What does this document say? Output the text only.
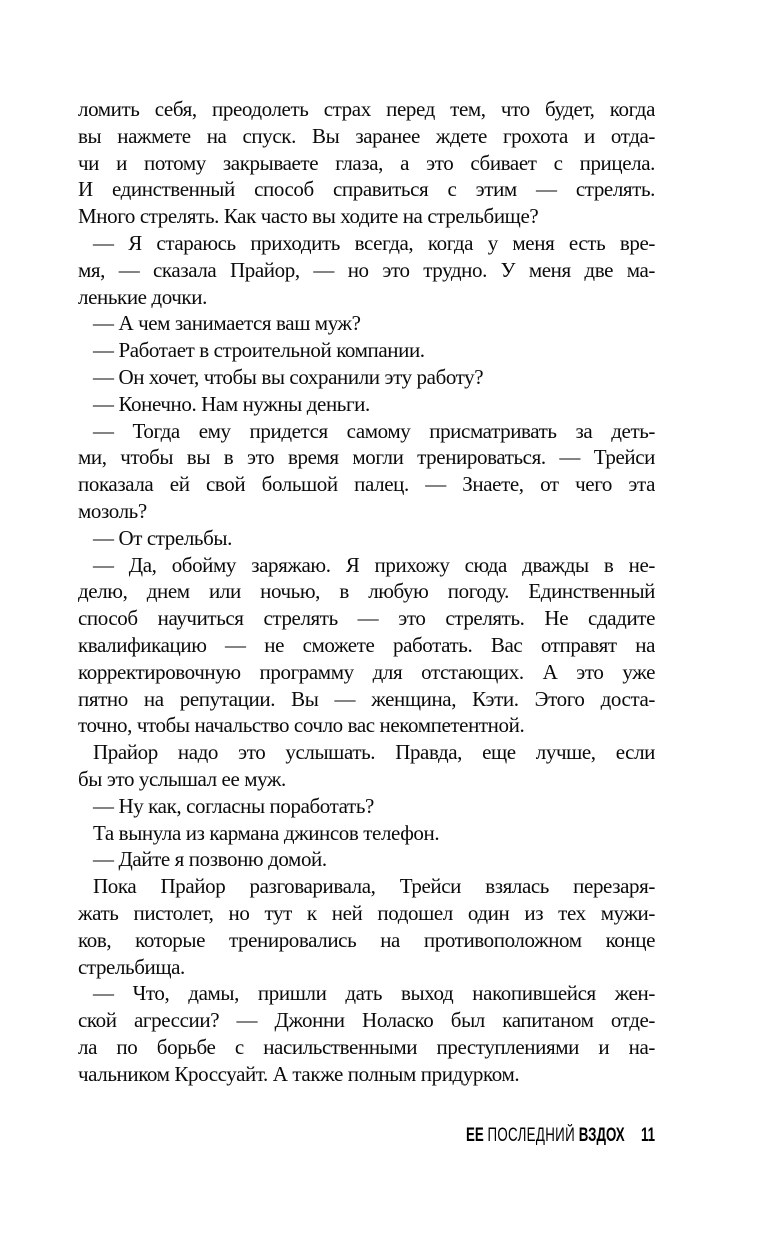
ломить себя, преодолеть страх перед тем, что будет, когда
вы нажмете на спуск. Вы заранее ждете грохота и отда-
чи и потому закрываете глаза, а это сбивает с прицела.
И единственный способ справиться с этим — стрелять.
Много стрелять. Как часто вы ходите на стрельбище?
— Я стараюсь приходить всегда, когда у меня есть вре-
мя, — сказала Прайор, — но это трудно. У меня две ма-
ленькие дочки.
— А чем занимается ваш муж?
— Работает в строительной компании.
— Он хочет, чтобы вы сохранили эту работу?
— Конечно. Нам нужны деньги.
— Тогда ему придется самому присматривать за деть-
ми, чтобы вы в это время могли тренироваться. — Трейси
показала ей свой большой палец. — Знаете, от чего эта
мозоль?
— От стрельбы.
— Да, обойму заряжаю. Я прихожу сюда дважды в не-
делю, днем или ночью, в любую погоду. Единственный
способ научиться стрелять — это стрелять. Не сдадите
квалификацию — не сможете работать. Вас отправят на
корректировочную программу для отстающих. А это уже
пятно на репутации. Вы — женщина, Кэти. Этого доста-
точно, чтобы начальство сочло вас некомпетентной.
Прайор надо это услышать. Правда, еще лучше, если
бы это услышал ее муж.
— Ну как, согласны поработать?
Та вынула из кармана джинсов телефон.
— Дайте я позвоню домой.
Пока Прайор разговаривала, Трейси взялась перезаря-
жать пистолет, но тут к ней подошел один из тех мужи-
ков, которые тренировались на противоположном конце
стрельбища.
— Что, дамы, пришли дать выход накопившейся жен-
ской агрессии? — Джонни Ноласко был капитаном отде-
ла по борьбе с насильственными преступлениями и на-
чальником Кроссуайт. А также полным придурком.
ЕЕ ПОСЛЕДНИЙ ВЗДОХ 11
